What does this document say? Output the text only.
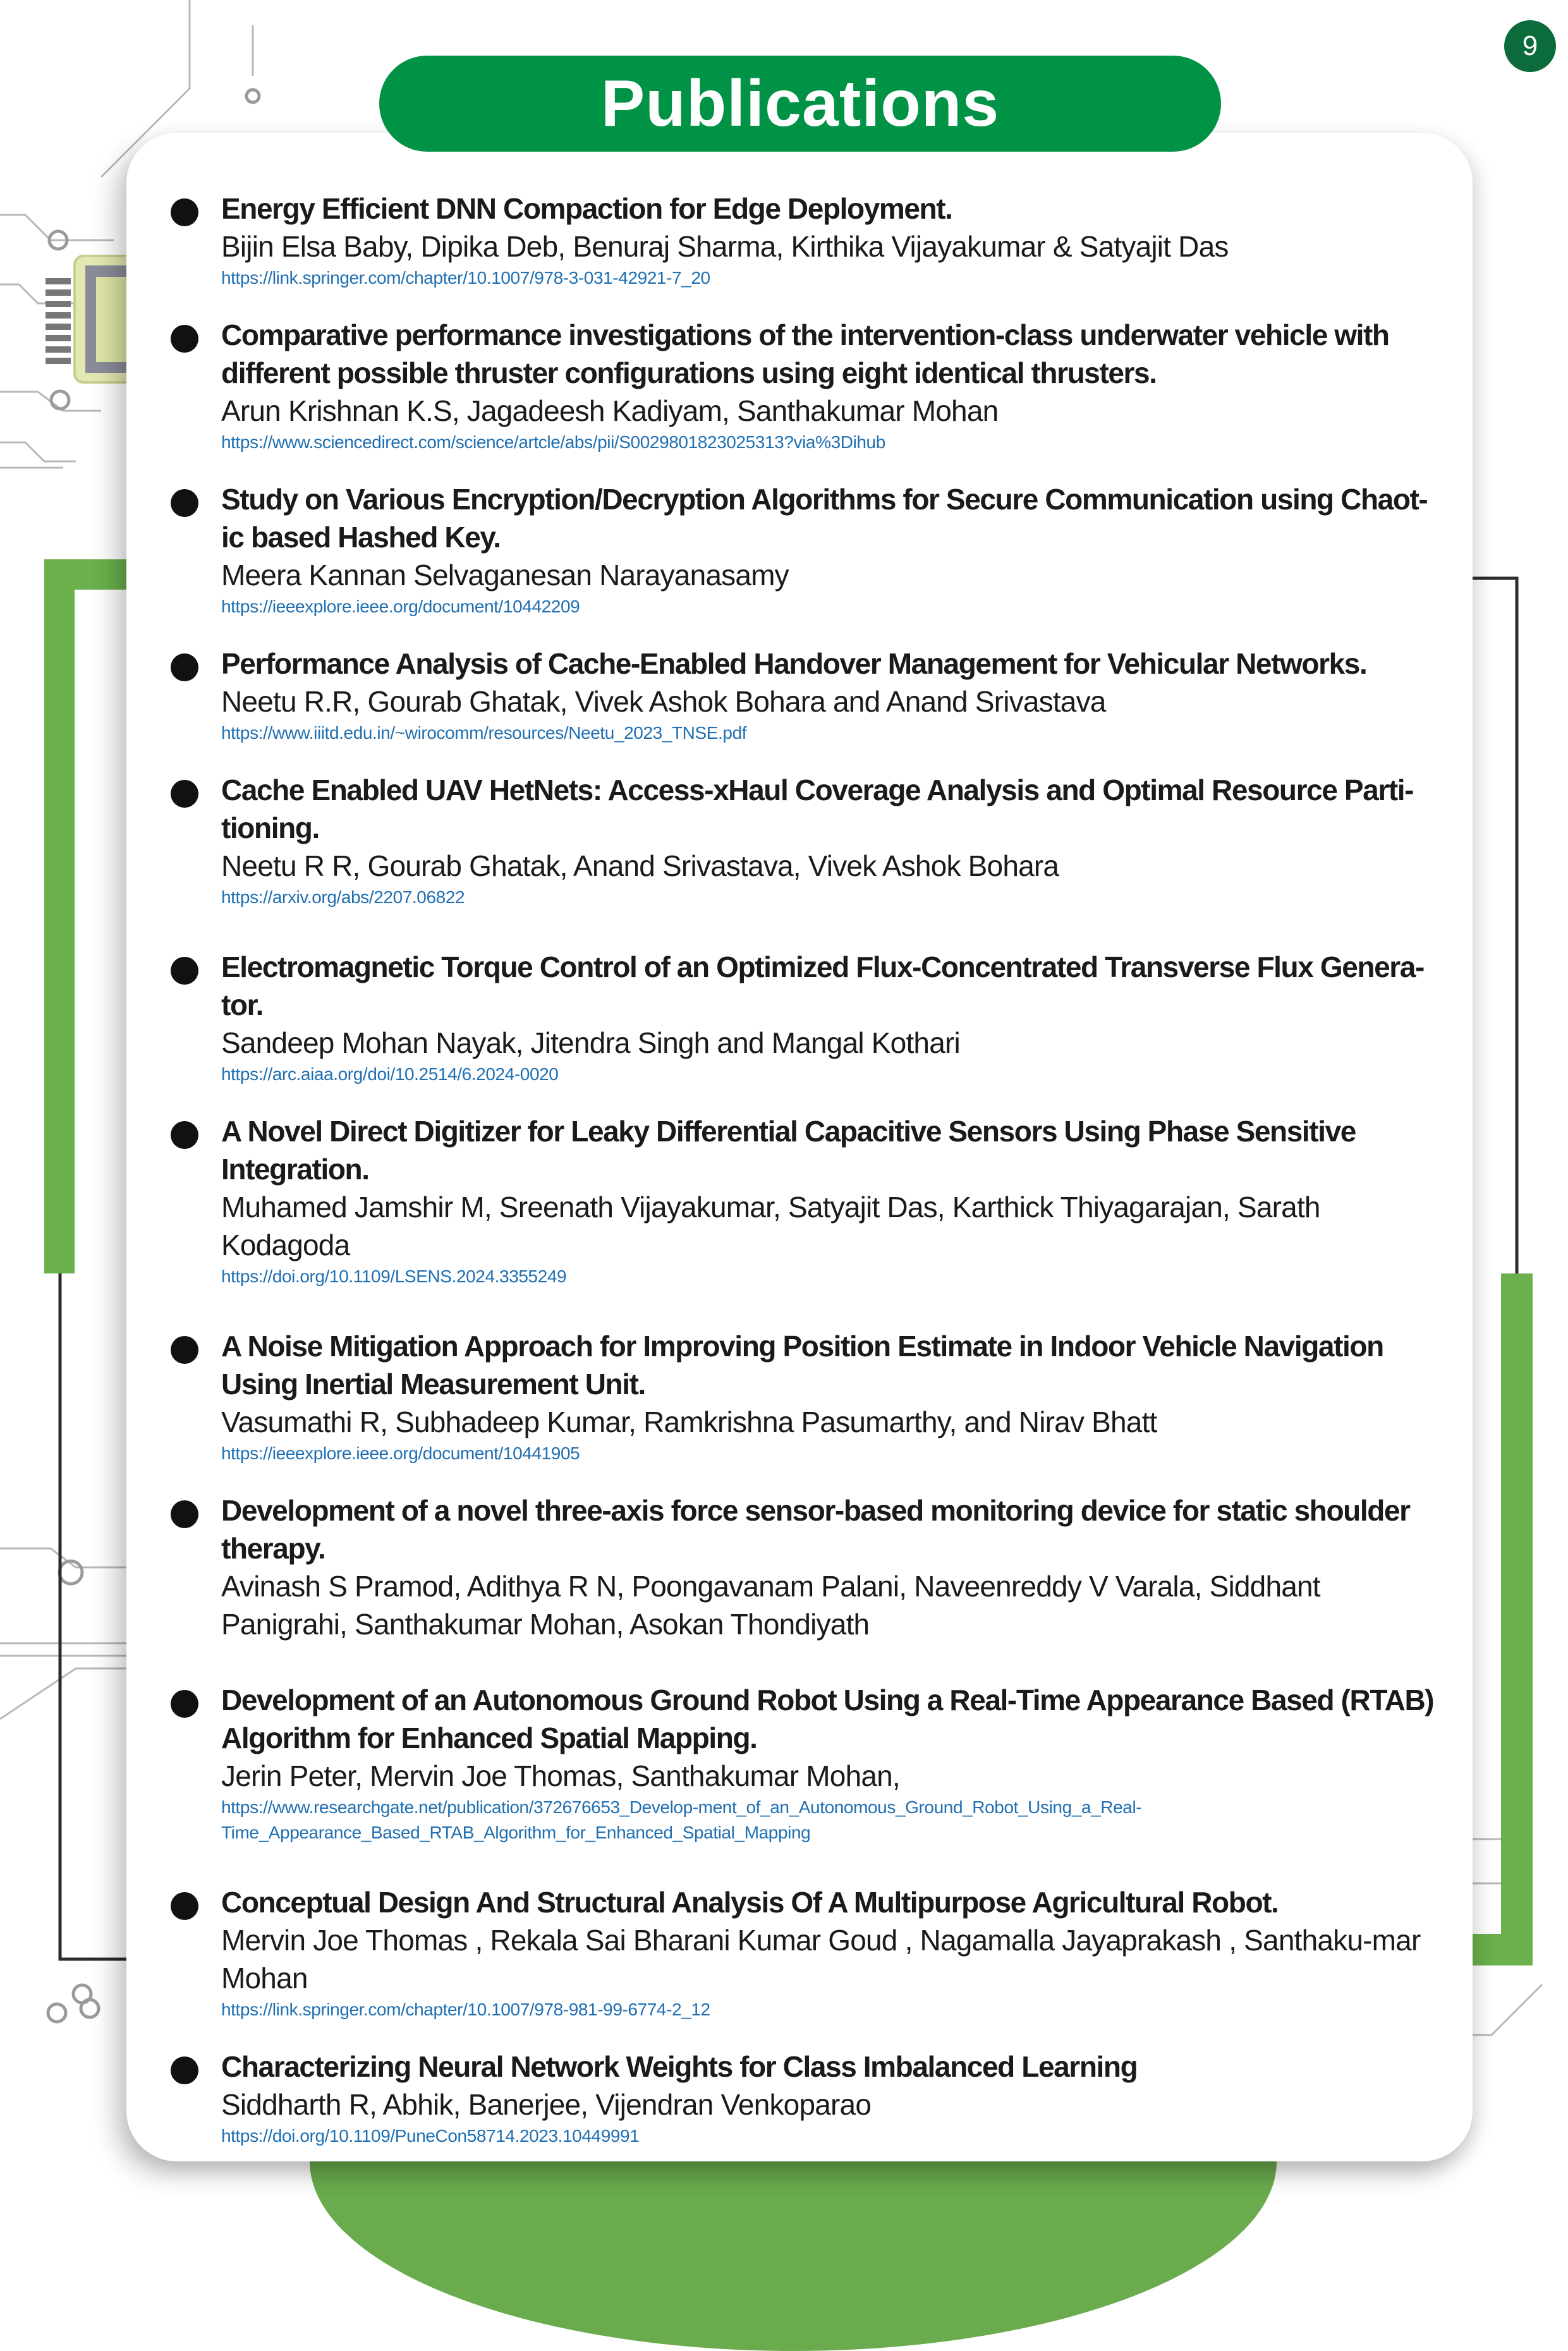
9
Publications
Energy Efficient DNN Compaction for Edge Deployment.
Bijin Elsa Baby, Dipika Deb, Benuraj Sharma, Kirthika Vijayakumar & Satyajit Das
https://link.springer.com/chapter/10.1007/978-3-031-42921-7_20
Comparative performance investigations of the intervention-class underwater vehicle with different possible thruster configurations using eight identical thrusters.
Arun Krishnan K.S, Jagadeesh Kadiyam, Santhakumar Mohan
https://www.sciencedirect.com/science/artcle/abs/pii/S0029801823025313?via%3Dihub
Study on Various Encryption/Decryption Algorithms for Secure Communication using Chaot-ic based Hashed Key.
Meera Kannan Selvaganesan Narayanasamy
https://ieeexplore.ieee.org/document/10442209
Performance Analysis of Cache-Enabled Handover Management for Vehicular Networks.
Neetu R.R, Gourab Ghatak, Vivek Ashok Bohara and Anand Srivastava
https://www.iiitd.edu.in/~wirocomm/resources/Neetu_2023_TNSE.pdf
Cache Enabled UAV HetNets: Access-xHaul Coverage Analysis and Optimal Resource Parti-tioning.
Neetu R R, Gourab Ghatak, Anand Srivastava, Vivek Ashok Bohara
https://arxiv.org/abs/2207.06822
Electromagnetic Torque Control of an Optimized Flux-Concentrated Transverse Flux Genera-tor.
Sandeep Mohan Nayak, Jitendra Singh and Mangal Kothari
https://arc.aiaa.org/doi/10.2514/6.2024-0020
A Novel Direct Digitizer for Leaky Differential Capacitive Sensors Using Phase Sensitive Integration.
Muhamed Jamshir M, Sreenath Vijayakumar, Satyajit Das, Karthick Thiyagarajan, Sarath Kodagoda
https://doi.org/10.1109/LSENS.2024.3355249
A Noise Mitigation Approach for Improving Position Estimate in Indoor Vehicle Navigation Using Inertial Measurement Unit.
Vasumathi R, Subhadeep Kumar, Ramkrishna Pasumarthy, and Nirav Bhatt
https://ieeexplore.ieee.org/document/10441905
Development of a novel three-axis force sensor-based monitoring device for static shoulder therapy.
Avinash S Pramod, Adithya R N, Poongavanam Palani, Naveenreddy V Varala, Siddhant Panigrahi, Santhakumar Mohan, Asokan Thondiyath
Development of an Autonomous Ground Robot Using a Real-Time Appearance Based (RTAB) Algorithm for Enhanced Spatial Mapping.
Jerin Peter, Mervin Joe Thomas, Santhakumar Mohan,
https://www.researchgate.net/publication/372676653_Develop-ment_of_an_Autonomous_Ground_Robot_Using_a_Real-Time_Appearance_Based_RTAB_Algorithm_for_Enhanced_Spatial_Mapping
Conceptual Design And Structural Analysis Of A Multipurpose Agricultural Robot.
Mervin Joe Thomas , Rekala Sai Bharani Kumar Goud , Nagamalla Jayaprakash , Santhaku-mar Mohan
https://link.springer.com/chapter/10.1007/978-981-99-6774-2_12
Characterizing Neural Network Weights for Class Imbalanced Learning
Siddharth R, Abhik, Banerjee, Vijendran Venkoparao
https://doi.org/10.1109/PuneCon58714.2023.10449991
